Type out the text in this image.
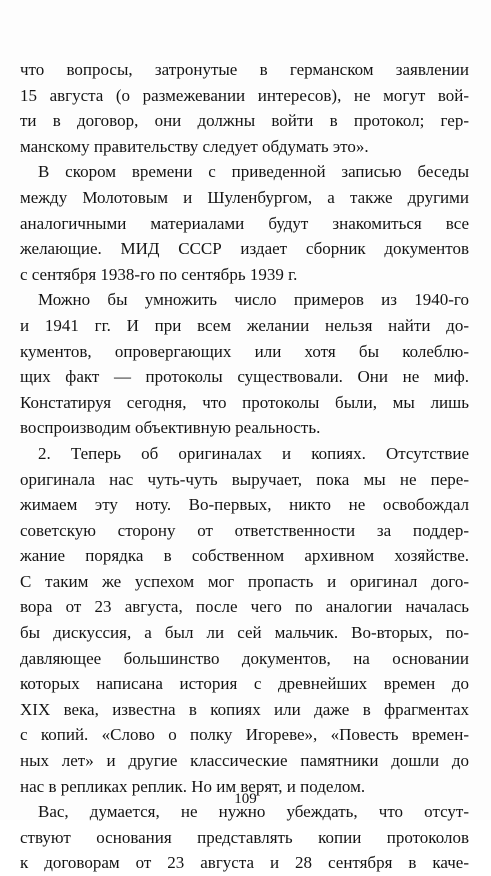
что вопросы, затронутые в германском заявлении
15 августа (о размежевании интересов), не могут вой-
ти в договор, они должны войти в протокол; гер-
манскому правительству следует обдумать это».
В скором времени с приведенной записью беседы
между Молотовым и Шуленбургом, а также другими
аналогичными материалами будут знакомиться все
желающие. МИД СССР издает сборник документов
с сентября 1938-го по сентябрь 1939 г.
Можно бы умножить число примеров из 1940-го
и 1941 гг. И при всем желании нельзя найти до-
кументов, опровергающих или хотя бы колеблю-
щих факт — протоколы существовали. Они не миф.
Констатируя сегодня, что протоколы были, мы лишь
воспроизводим объективную реальность.
2. Теперь об оригиналах и копиях. Отсутствие
оригинала нас чуть-чуть выручает, пока мы не пере-
жимаем эту ноту. Во-первых, никто не освобождал
советскую сторону от ответственности за поддер-
жание порядка в собственном архивном хозяйстве.
С таким же успехом мог пропасть и оригинал дого-
вора от 23 августа, после чего по аналогии началась
бы дискуссия, а был ли сей мальчик. Во-вторых, по-
давляющее большинство документов, на основании
которых написана история с древнейших времен до
XIX века, известна в копиях или даже в фрагментах
с копий. «Слово о полку Игореве», «Повесть времен-
ных лет» и другие классические памятники дошли до
нас в репликах реплик. Но им верят, и поделом.
Вас, думается, не нужно убеждать, что отсут-
ствуют основания представлять копии протоколов
к договорам от 23 августа и 28 сентября в каче-
109
